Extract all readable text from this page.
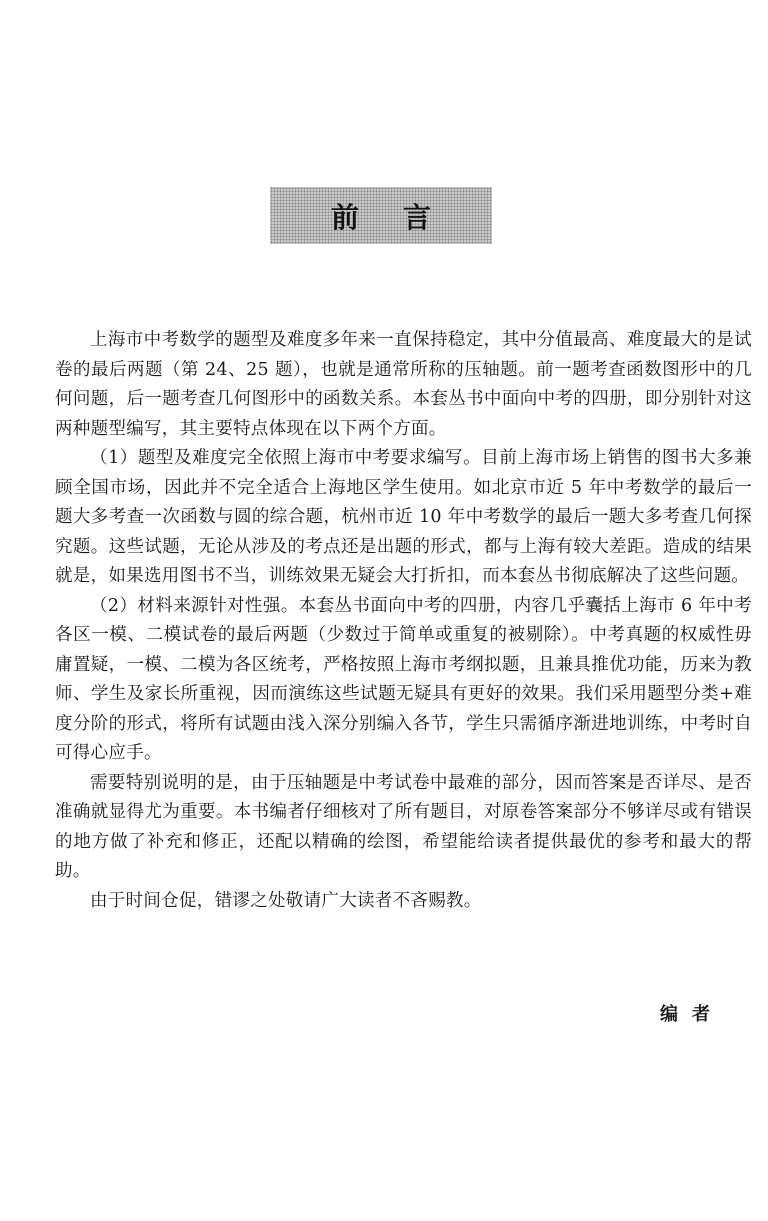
前言

上海市中考数学的题型及难度多年来一直保持稳定，其中分值最高、难度最大的是试卷的最后两题（第 24、25 题），也就是通常所称的压轴题。前一题考查函数图形中的几何问题，后一题考查几何图形中的函数关系。本套丛书中面向中考的四册，即分别针对这两种题型编写，其主要特点体现在以下两个方面。

（1）题型及难度完全依照上海市中考要求编写。目前上海市场上销售的图书大多兼顾全国市场，因此并不完全适合上海地区学生使用。如北京市近 5 年中考数学的最后一题大多考查一次函数与圆的综合题，杭州市近 10 年中考数学的最后一题大多考查几何探究题。这些试题，无论从涉及的考点还是出题的形式，都与上海有较大差距。造成的结果就是，如果选用图书不当，训练效果无疑会大打折扣，而本套丛书彻底解决了这些问题。

（2）材料来源针对性强。本套丛书面向中考的四册，内容几乎囊括上海市 6 年中考各区一模、二模试卷的最后两题（少数过于简单或重复的被剔除）。中考真题的权威性毋庸置疑，一模、二模为各区统考，严格按照上海市考纲拟题，且兼具推优功能，历来为教师、学生及家长所重视，因而演练这些试题无疑具有更好的效果。我们采用题型分类+难度分阶的形式，将所有试题由浅入深分别编入各节，学生只需循序渐进地训练，中考时自可得心应手。

需要特别说明的是，由于压轴题是中考试卷中最难的部分，因而答案是否详尽、是否准确就显得尤为重要。本书编者仔细核对了所有题目，对原卷答案部分不够详尽或有错误的地方做了补充和修正，还配以精确的绘图，希望能给读者提供最优的参考和最大的帮助。

由于时间仓促，错谬之处敬请广大读者不吝赐教。

编者
